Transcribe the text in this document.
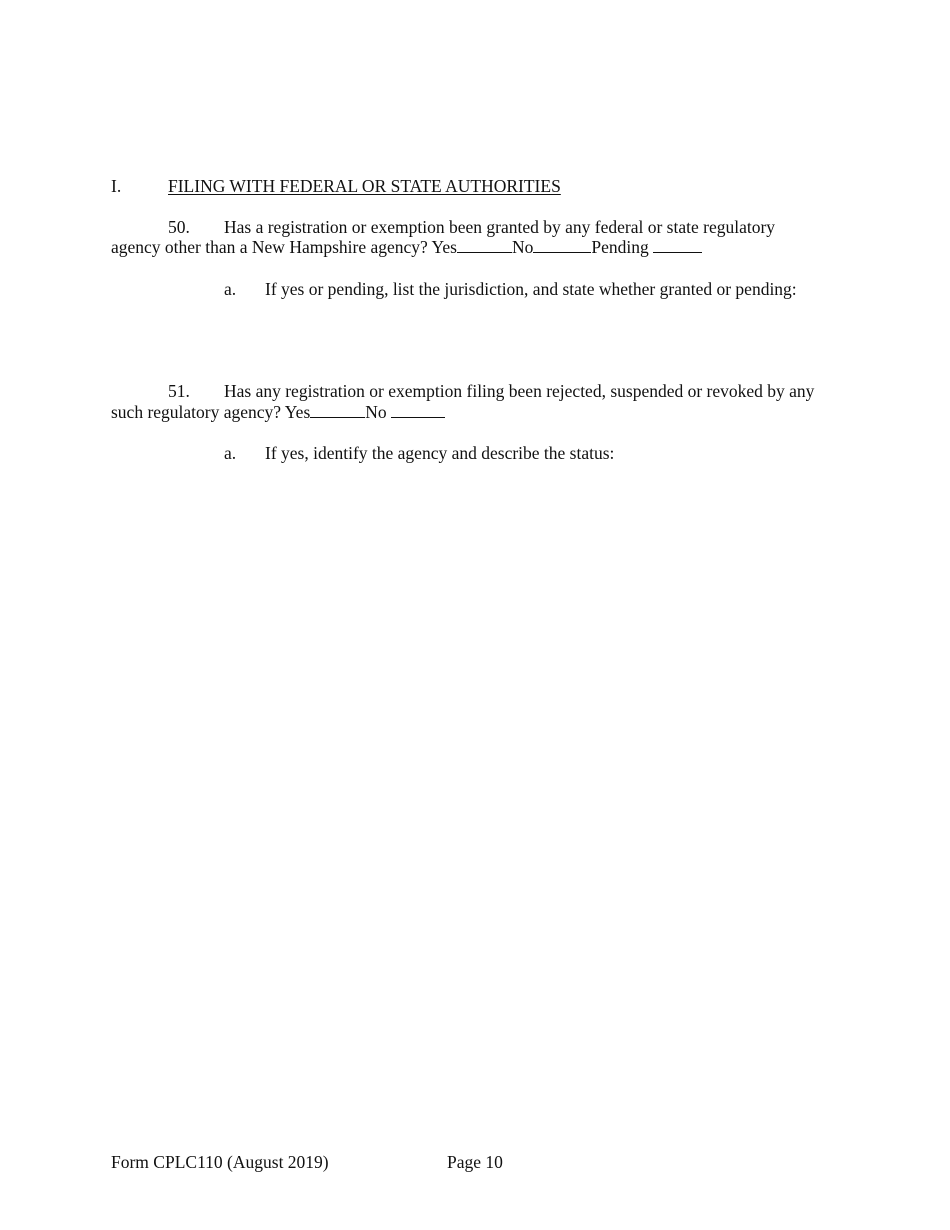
I.	FILING WITH FEDERAL OR STATE AUTHORITIES
50. Has a registration or exemption been granted by any federal or state regulatory
agency other than a New Hampshire agency? Yes	No	Pending
a. If yes or pending, list the jurisdiction, and state whether granted or pending:
51. Has any registration or exemption filing been rejected, suspended or revoked by any
such regulatory agency? Yes	No
a. If yes, identify the agency and describe the status:
Form CPLC110 (August 2019)	Page 10
